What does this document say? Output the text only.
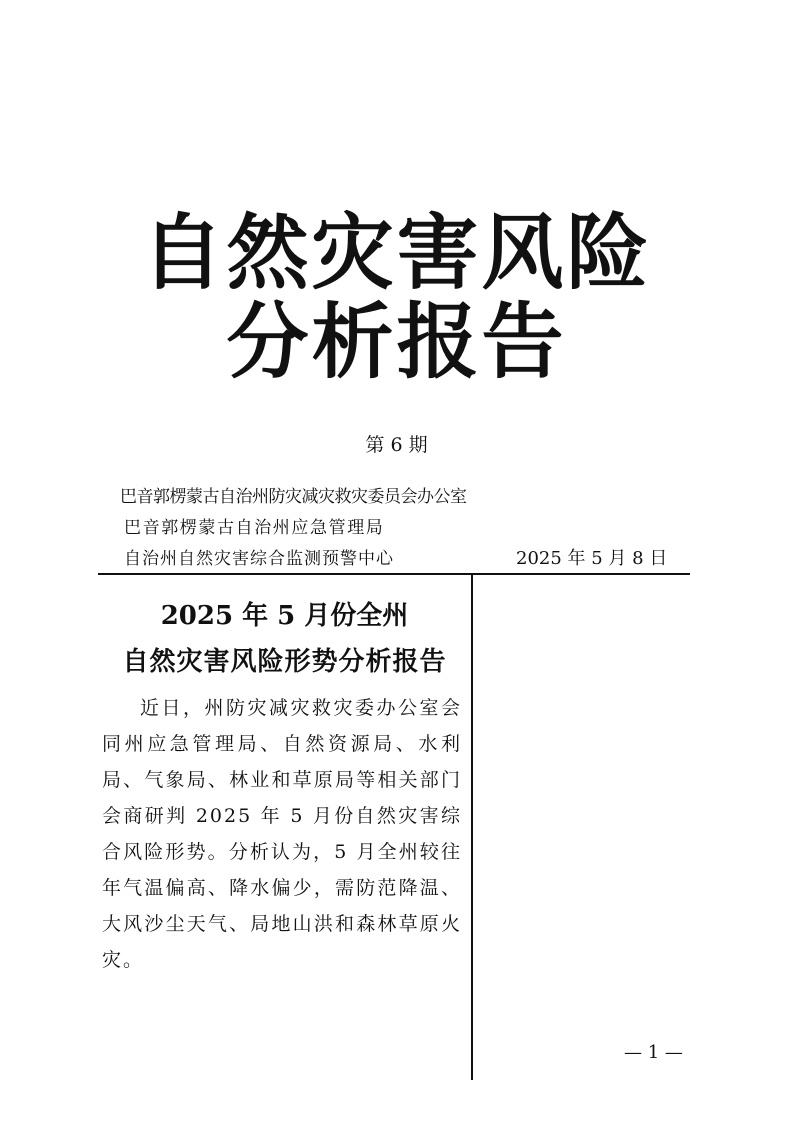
自然灾害风险
分析报告
第 6 期
巴音郭楞蒙古自治州防灾减灾救灾委员会办公室
巴音郭楞蒙古自治州应急管理局
自治州自然灾害综合监测预警中心	2025 年 5 月 8 日
2025 年 5 月份全州
自然灾害风险形势分析报告

近日，州防灾减灾救灾委办公室会同州应急管理局、自然资源局、水利局、气象局、林业和草原局等相关部门会商研判 2025 年 5 月份自然灾害综合风险形势。分析认为，5 月全州较往年气温偏高、降水偏少，需防范降温、大风沙尘天气、局地山洪和森林草原火灾。

— 1 —
